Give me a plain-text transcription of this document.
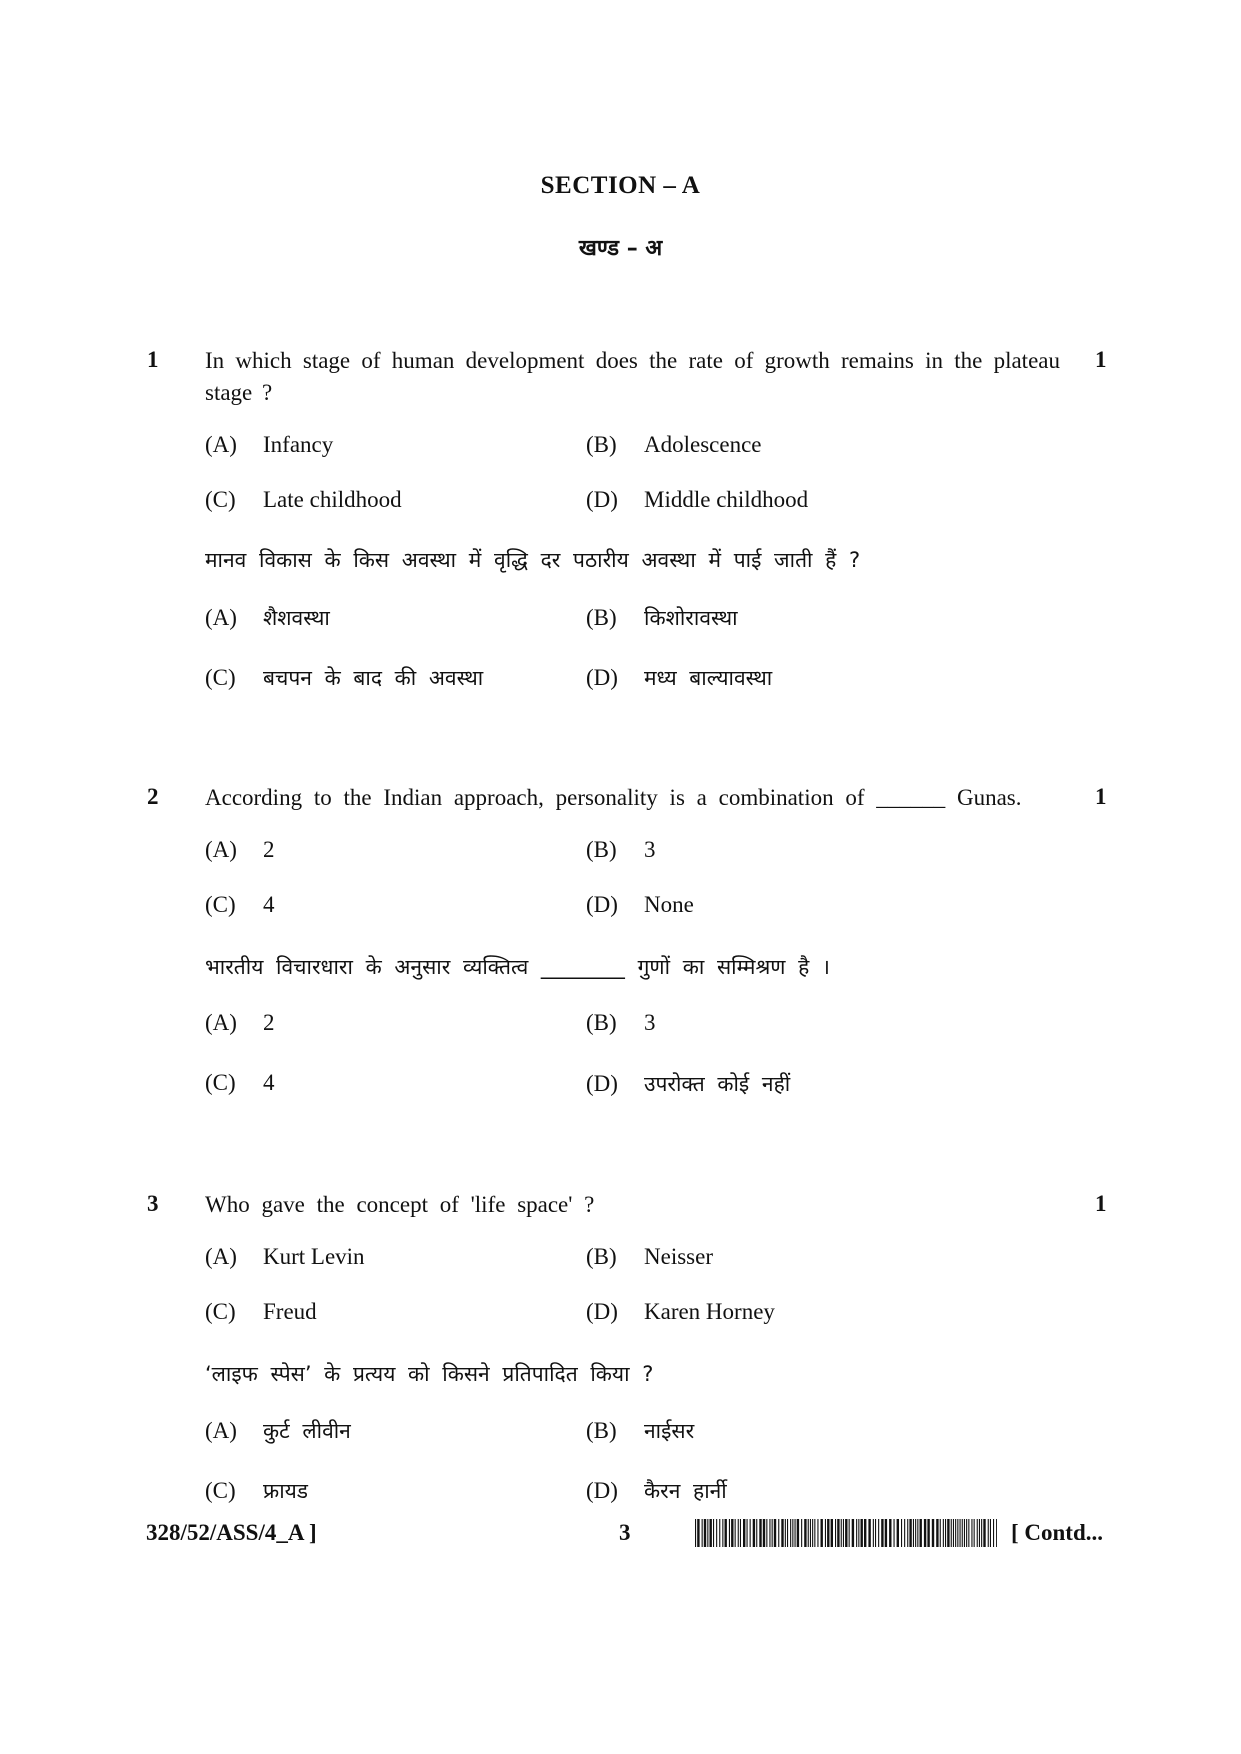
SECTION – A
खण्ड – अ
1 In which stage of human development does the rate of growth remains in the plateau stage ?
1
(A) Infancy	(B) Adolescence
(C) Late childhood	(D) Middle childhood
मानव विकास के किस अवस्था में वृद्धि दर पठारीय अवस्था में पाई जाती हैं ?
(A) शैशवस्था	(B) किशोरावस्था
(C) बचपन के बाद की अवस्था	(D) मध्य बाल्यावस्था
2 According to the Indian approach, personality is a combination of ______ Gunas.	1
(A) 2	(B) 3
(C) 4	(D) None
भारतीय विचारधारा के अनुसार व्यक्तित्व ________ गुणों का सम्मिश्रण है ।
(A) 2	(B) 3
(C) 4	(D) उपरोक्त कोई नहीं
3 Who gave the concept of 'life space' ?	1
(A) Kurt Levin	(B) Neisser
(C) Freud	(D) Karen Horney
‘लाइफ स्पेस’ के प्रत्यय को किसने प्रतिपादित किया ?
(A) कुर्ट लीवीन	(B) नाईसर
(C) फ्रायड	(D) कैरन हार्नी
328/52/ASS/4_A ]	3	[ Contd...
